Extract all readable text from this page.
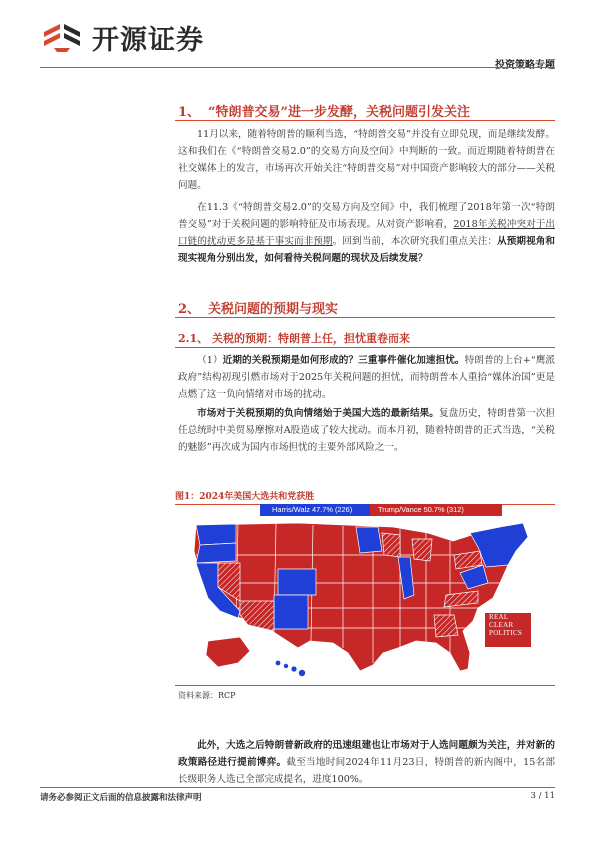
开源证券
投资策略专题
1、 “特朗普交易”进一步发酵，关税问题引发关注
11月以来，随着特朗普的顺利当选，“特朗普交易”并没有立即兑现，而是继续发酵。这和我们在《“特朗普交易2.0”的交易方向及空间》中判断的一致。而近期随着特朗普在社交媒体上的发言，市场再次开始关注“特朗普交易”对中国资产影响较大的部分——关税问题。
在11.3《“特朗普交易2.0”的交易方向及空间》中，我们梳理了2018年第一次“特朗普交易”对于关税问题的影响特征及市场表现。从对资产影响看，2018年关税冲突对于出口链的扰动更多是基于事实而非预期。回到当前，本次研究我们重点关注：从预期视角和现实视角分别出发，如何看待关税问题的现状及后续发展？
2、 关税问题的预期与现实
2.1、 关税的预期：特朗普上任，担忧重卷而来
（1）近期的关税预期是如何形成的？三重事件催化加速担忧。特朗普的上台+“鹰派政府”结构初现引燃市场对于2025年关税问题的担忧，而特朗普本人重拾“媒体治国”更是点燃了这一负向情绪对市场的扰动。
市场对于关税预期的负向情绪始于美国大选的最新结果。复盘历史，特朗普第一次担任总统时中美贸易摩擦对A股造成了较大扰动。而本月初，随着特朗普的正式当选，“关税的魅影”再次成为国内市场担忧的主要外部风险之一。
图1：2024年美国大选共和党获胜
Harris/Walz 47.7% (226)	Trump/Vance 50.7% (312)
REAL
CLEAR
POLITICS
资料来源：RCP
此外，大选之后特朗普新政府的迅速组建也让市场对于人选问题颇为关注，并对新的政策路径进行提前博弈。截至当地时间2024年11月23日，特朗普的新内阁中，15名部长级职务人选已全部完成提名，进度100%。
请务必参阅正文后面的信息披露和法律声明	3 / 11
